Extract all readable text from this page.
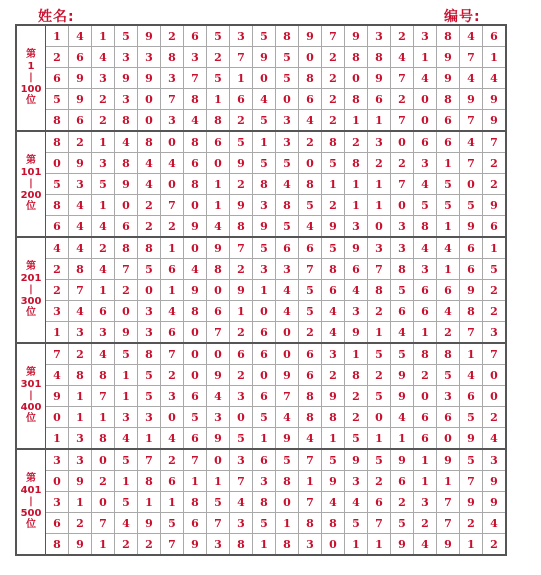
姓名:	编号:
第
1
|
100
位	1	4	1	5	9	2	6	5	3	5	8	9	7	9	3	2	3	8	4	6
	2	6	4	3	3	8	3	2	7	9	5	0	2	8	8	4	1	9	7	1
	6	9	3	9	9	3	7	5	1	0	5	8	2	0	9	7	4	9	4	4
	5	9	2	3	0	7	8	1	6	4	0	6	2	8	6	2	0	8	9	9
	8	6	2	8	0	3	4	8	2	5	3	4	2	1	1	7	0	6	7	9

第
101
|
200
位	8	2	1	4	8	0	8	6	5	1	3	2	8	2	3	0	6	6	4	7
	0	9	3	8	4	4	6	0	9	5	5	0	5	8	2	2	3	1	7	2
	5	3	5	9	4	0	8	1	2	8	4	8	1	1	1	7	4	5	0	2
	8	4	1	0	2	7	0	1	9	3	8	5	2	1	1	0	5	5	5	9
	6	4	4	6	2	2	9	4	8	9	5	4	9	3	0	3	8	1	9	6

第
201
|
300
位	4	4	2	8	8	1	0	9	7	5	6	6	5	9	3	3	4	4	6	1
	2	8	4	7	5	6	4	8	2	3	3	7	8	6	7	8	3	1	6	5
	2	7	1	2	0	1	9	0	9	1	4	5	6	4	8	5	6	6	9	2
	3	4	6	0	3	4	8	6	1	0	4	5	4	3	2	6	6	4	8	2
	1	3	3	9	3	6	0	7	2	6	0	2	4	9	1	4	1	2	7	3

第
301
|
400
位	7	2	4	5	8	7	0	0	6	6	0	6	3	1	5	5	8	8	1	7
	4	8	8	1	5	2	0	9	2	0	9	6	2	8	2	9	2	5	4	0
	9	1	7	1	5	3	6	4	3	6	7	8	9	2	5	9	0	3	6	0
	0	1	1	3	3	0	5	3	0	5	4	8	8	2	0	4	6	6	5	2
	1	3	8	4	1	4	6	9	5	1	9	4	1	5	1	1	6	0	9	4

第
401
|
500
位	3	3	0	5	7	2	7	0	3	6	5	7	5	9	5	9	1	9	5	3
	0	9	2	1	8	6	1	1	7	3	8	1	9	3	2	6	1	1	7	9
	3	1	0	5	1	1	8	5	4	8	0	7	4	4	6	2	3	7	9	9
	6	2	7	4	9	5	6	7	3	5	1	8	8	5	7	5	2	7	2	4
	8	9	1	2	2	7	9	3	8	1	8	3	0	1	1	9	4	9	1	2
